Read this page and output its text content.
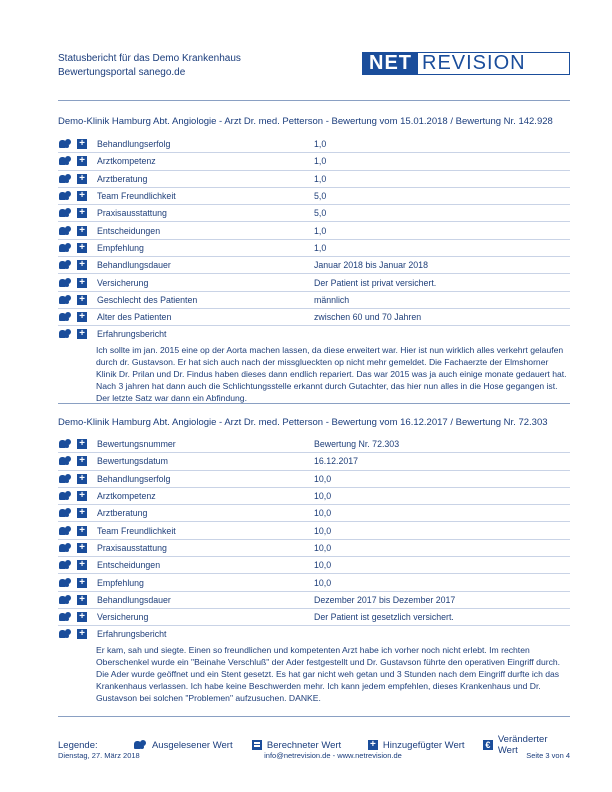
Statusbericht für das Demo Krankenhaus
Bewertungsportal sanego.de	NET REVISION
Demo-Klinik Hamburg Abt. Angiologie - Arzt Dr. med. Petterson - Bewertung vom 15.01.2018 / Bewertung Nr. 142.928
+ Behandlungserfolg	1,0
+ Arztkompetenz	1,0
+ Arztberatung	1,0
+ Team Freundlichkeit	5,0
+ Praxisausstattung	5,0
+ Entscheidungen	1,0
+ Empfehlung	1,0
+ Behandlungsdauer	Januar 2018 bis Januar 2018
+ Versicherung	Der Patient ist privat versichert.
+ Geschlecht des Patienten	männlich
+ Alter des Patienten	zwischen 60 und 70 Jahren
+ Erfahrungsbericht
Ich sollte im jan. 2015 eine op der Aorta machen lassen, da diese erweitert war. Hier ist nun wirklich alles verkehrt gelaufen durch dr. Gustavson. Er hat sich auch nach der missglueckten op nicht mehr gemeldet. Die Fachaerzte der Elmshorner Klinik Dr. Prilan und Dr. Findus haben dieses dann endlich repariert. Das war 2015 was ja auch einige monate gedauert hat. Nach 3 jahren hat dann auch die Schlichtungsstelle erkannt durch Gutachter, das hier nun alles in die Hose gegangen ist. Der letzte Satz war dann ein Abfindung.
Demo-Klinik Hamburg Abt. Angiologie - Arzt Dr. med. Petterson - Bewertung vom 16.12.2017 / Bewertung Nr. 72.303
+ Bewertungsnummer	Bewertung Nr. 72.303
+ Bewertungsdatum	16.12.2017
+ Behandlungserfolg	10,0
+ Arztkompetenz	10,0
+ Arztberatung	10,0
+ Team Freundlichkeit	10,0
+ Praxisausstattung	10,0
+ Entscheidungen	10,0
+ Empfehlung	10,0
+ Behandlungsdauer	Dezember 2017 bis Dezember 2017
+ Versicherung	Der Patient ist gesetzlich versichert.
+ Erfahrungsbericht
Er kam, sah und siegte. Einen so freundlichen und kompetenten Arzt habe ich vorher noch nicht erlebt. Im rechten Oberschenkel wurde ein "Beinahe Verschluß" der Ader festgestellt und Dr. Gustavson führte den operativen Eingriff durch. Die Ader wurde geöffnet und ein Stent gesetzt. Es hat gar nicht weh getan und 3 Stunden nach dem Eingriff durfte ich das Krankenhaus verlassen. Ich habe keine Beschwerden mehr. Ich kann jedem empfehlen, dieses Krankenhaus und Dr. Gustavson bei solchen "Problemen" aufzusuchen. DANKE.
Legende:	Ausgelesener Wert	Berechneter Wert	+ Hinzugefügter Wert € Veränderter Wert
Dienstag, 27. März 2018	info@netrevision.de - www.netrevision.de	Seite 3 von 4
